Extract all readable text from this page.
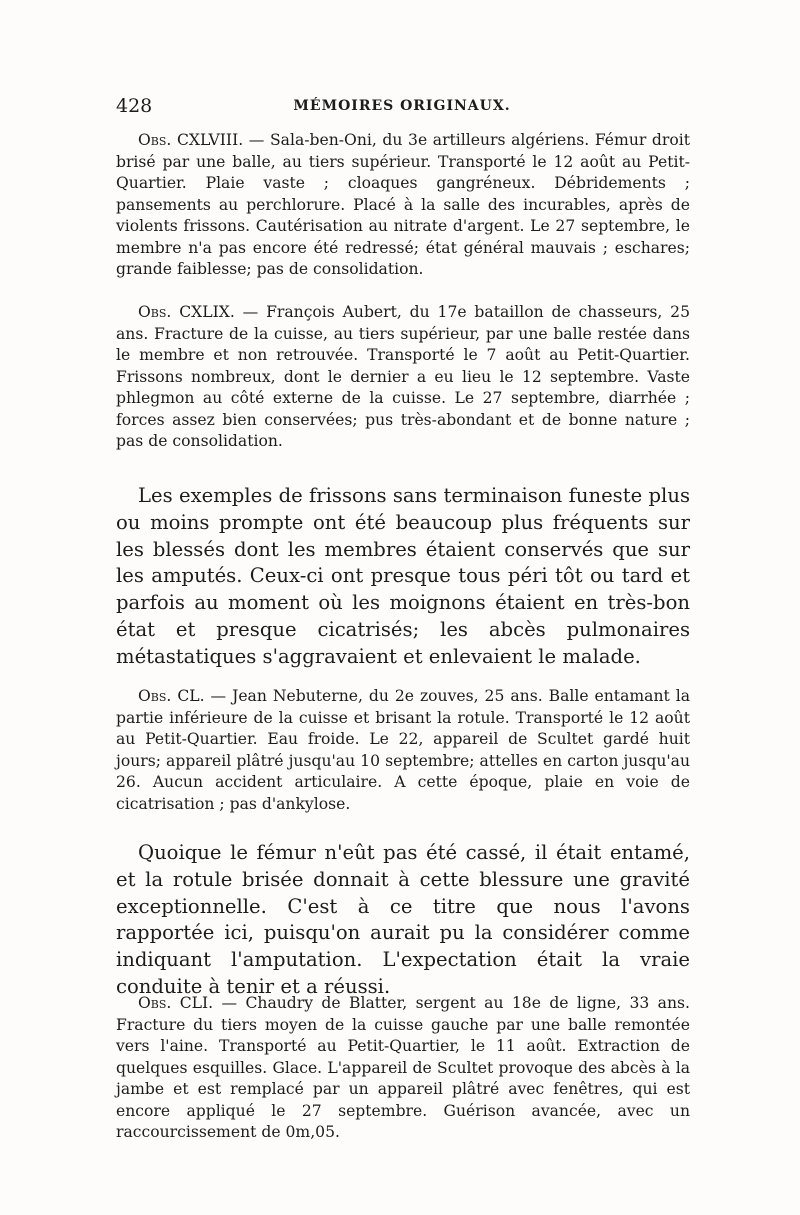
428	MÉMOIRES ORIGINAUX.

Obs. CXLVIII. — Sala-ben-Oni, du 3e artilleurs algériens. Fémur droit brisé par une balle, au tiers supérieur. Transporté le 12 août au Petit-Quartier. Plaie vaste ; cloaques gangréneux. Débridements ; pansements au perchlorure. Placé à la salle des incurables, après de violents frissons. Cautérisation au nitrate d'argent. Le 27 septembre, le membre n'a pas encore été redressé; état général mauvais ; eschares; grande faiblesse; pas de consolidation.

Obs. CXLIX. — François Aubert, du 17e bataillon de chasseurs, 25 ans. Fracture de la cuisse, au tiers supérieur, par une balle restée dans le membre et non retrouvée. Transporté le 7 août au Petit-Quartier. Frissons nombreux, dont le dernier a eu lieu le 12 septembre. Vaste phlegmon au côté externe de la cuisse. Le 27 septembre, diarrhée ; forces assez bien conservées; pus très-abondant et de bonne nature ; pas de consolidation.

Les exemples de frissons sans terminaison funeste plus ou moins prompte ont été beaucoup plus fréquents sur les blessés dont les membres étaient conservés que sur les amputés. Ceux-ci ont presque tous péri tôt ou tard et parfois au moment où les moignons étaient en très-bon état et presque cicatrisés; les abcès pulmonaires métastatiques s'aggravaient et enlevaient le malade.

Obs. CL. — Jean Nebuterne, du 2e zouves, 25 ans. Balle entamant la partie inférieure de la cuisse et brisant la rotule. Transporté le 12 août au Petit-Quartier. Eau froide. Le 22, appareil de Scultet gardé huit jours; appareil plâtré jusqu'au 10 septembre; attelles en carton jusqu'au 26. Aucun accident articulaire. A cette époque, plaie en voie de cicatrisation ; pas d'ankylose.

Quoique le fémur n'eût pas été cassé, il était entamé, et la rotule brisée donnait à cette blessure une gravité exceptionnelle. C'est à ce titre que nous l'avons rapportée ici, puisqu'on aurait pu la considérer comme indiquant l'amputation. L'expectation était la vraie conduite à tenir et a réussi.

Obs. CLI. — Chaudry de Blatter, sergent au 18e de ligne, 33 ans. Fracture du tiers moyen de la cuisse gauche par une balle remontée vers l'aine. Transporté au Petit-Quartier, le 11 août. Extraction de quelques esquilles. Glace. L'appareil de Scultet provoque des abcès à la jambe et est remplacé par un appareil plâtré avec fenêtres, qui est encore appliqué le 27 septembre. Guérison avancée, avec un raccourcissement de 0m,05.
